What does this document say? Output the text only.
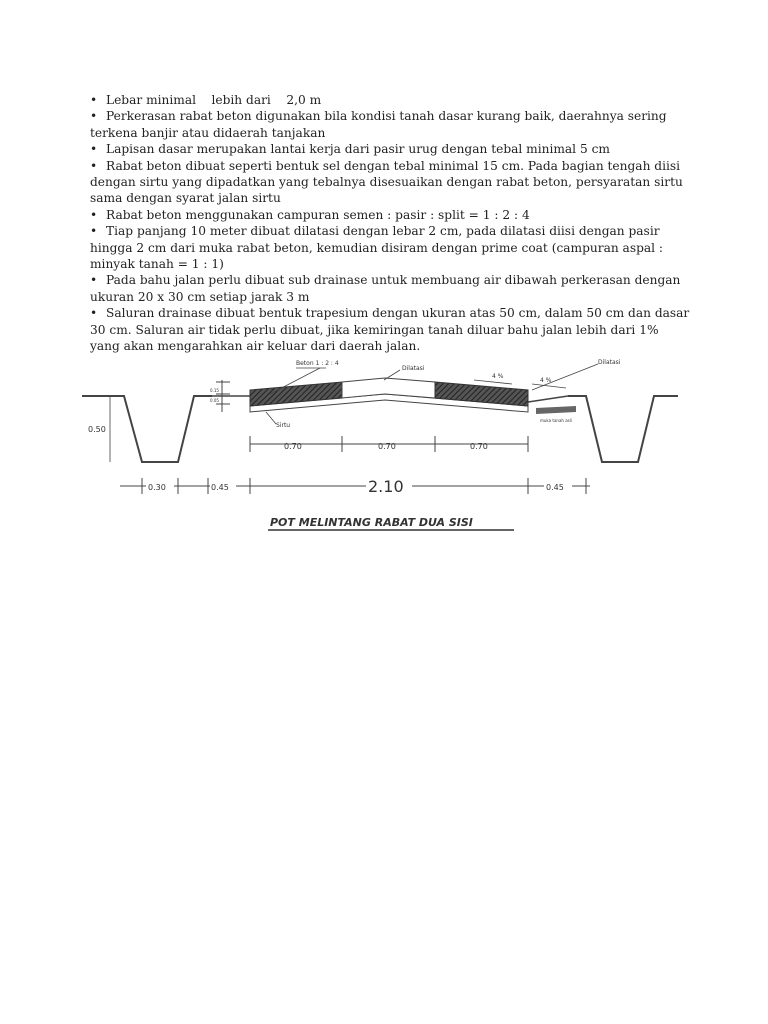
• Lebar minimal    lebih dari    2,0 m

• Perkerasan rabat beton digunakan bila kondisi tanah dasar kurang baik, daerahnya sering terkena banjir atau didaerah tanjakan

• Lapisan dasar merupakan lantai kerja dari pasir urug dengan tebal minimal 5 cm

• Rabat beton dibuat seperti bentuk sel dengan tebal minimal 15 cm. Pada bagian tengah diisi dengan sirtu yang dipadatkan yang tebalnya disesuaikan dengan rabat beton, persyaratan sirtu sama dengan syarat jalan sirtu

• Rabat beton menggunakan campuran semen : pasir : split = 1 : 2 : 4

• Tiap panjang 10 meter dibuat dilatasi dengan lebar 2 cm, pada dilatasi diisi dengan pasir hingga 2 cm dari muka rabat beton, kemudian disiram dengan prime coat (campuran aspal : minyak tanah = 1 : 1)

• Pada bahu jalan perlu dibuat sub drainase untuk membuang air dibawah perkerasan dengan ukuran 20 x 30 cm setiap jarak 3 m

• Saluran drainase dibuat bentuk trapesium dengan ukuran atas 50 cm, dalam 50 cm dan dasar 30 cm. Saluran air tidak perlu dibuat, jika kemiringan tanah diluar bahu jalan lebih dari 1% yang akan mengarahkan air keluar dari daerah jalan.

0.15
0.05
Beton 1 : 2 : 4
Dilatasi
Dilatasi
Sirtu
4 %
4 %
muka tanah asli
0.50
0.70	0.70	0.70
0.30	0.45	2.10	0.45
POT MELINTANG RABAT DUA SISI
